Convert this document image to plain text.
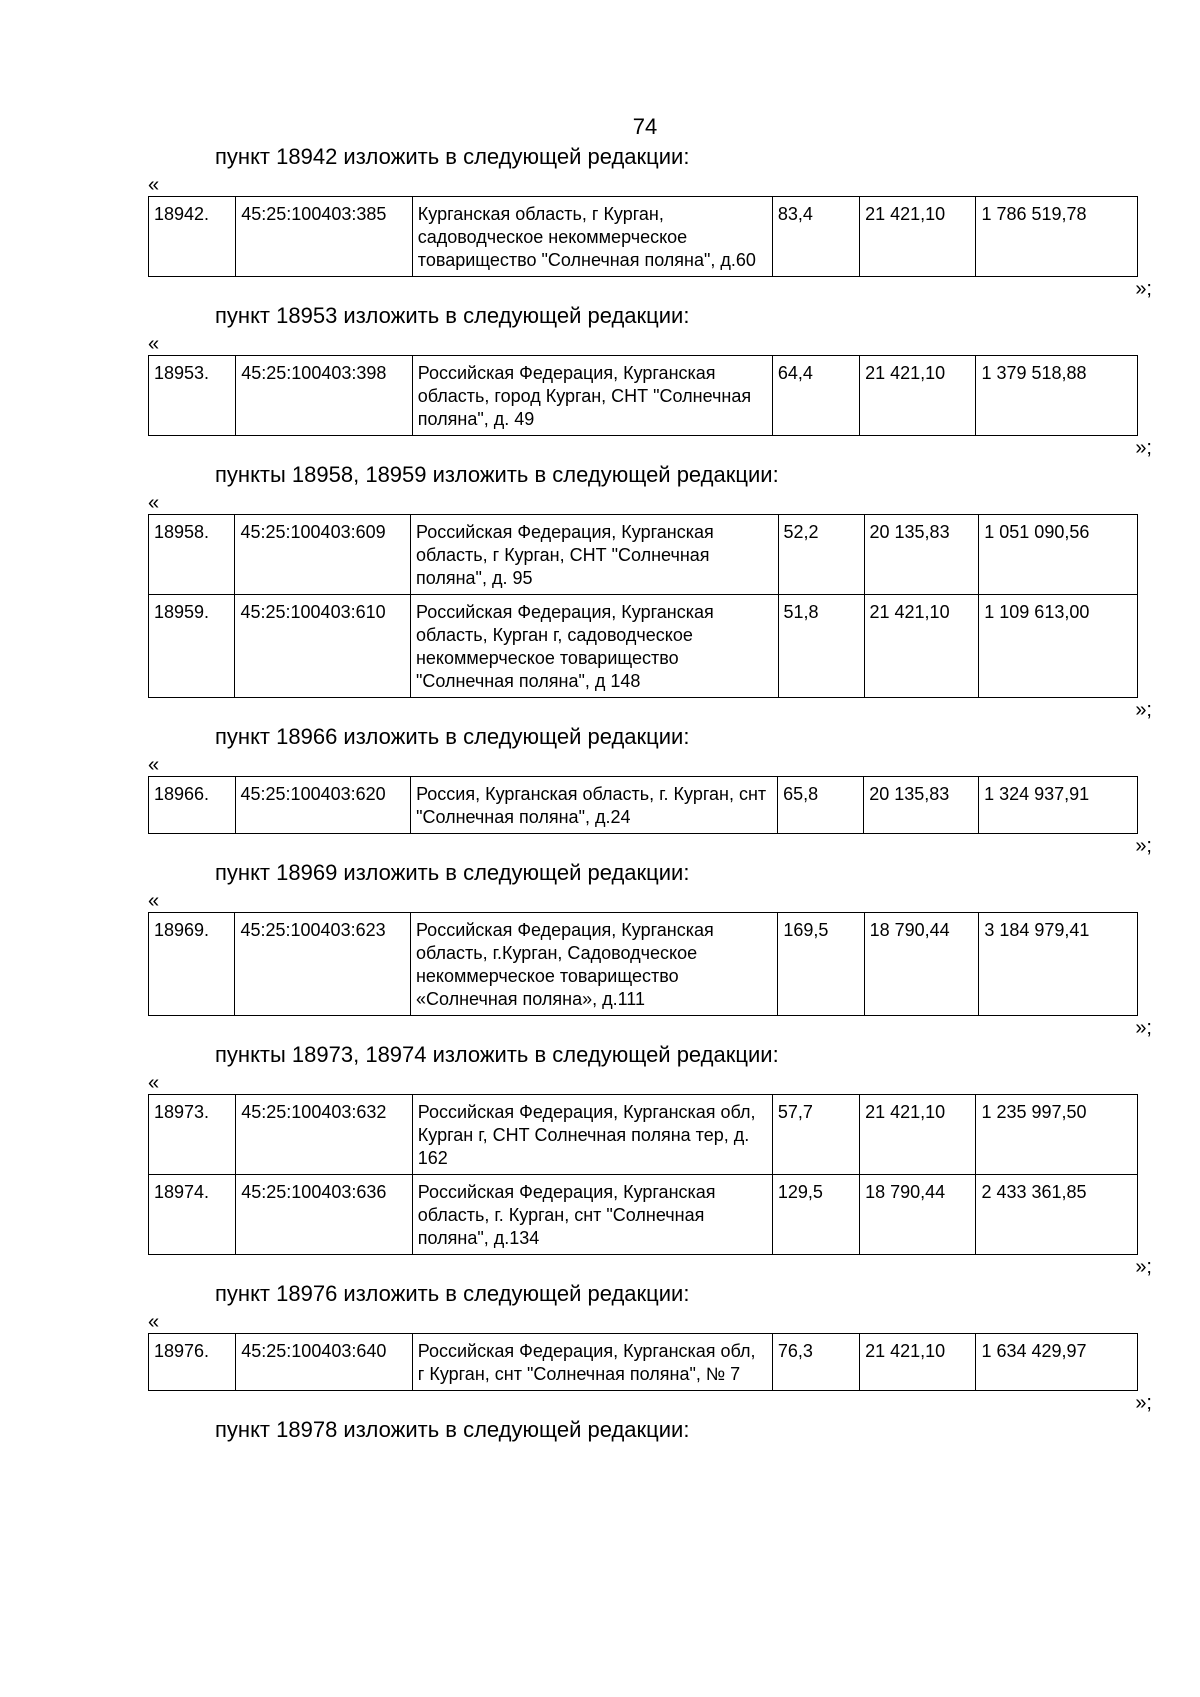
74
пункт 18942 изложить в следующей редакции:
«
18942.	45:25:100403:385	Курганская область, г Курган, садоводческое некоммерческое товарищество "Солнечная поляна", д.60	83,4	21 421,10	1 786 519,78
»;
пункт 18953 изложить в следующей редакции:
«
18953.	45:25:100403:398	Российская Федерация, Курганская область, город Курган, СНТ "Солнечная поляна", д. 49	64,4	21 421,10	1 379 518,88
»;
пункты 18958, 18959 изложить в следующей редакции:
«
18958.	45:25:100403:609	Российская Федерация, Курганская область, г Курган, СНТ "Солнечная поляна", д. 95	52,2	20 135,83	1 051 090,56
18959.	45:25:100403:610	Российская Федерация, Курганская область, Курган г, садоводческое некоммерческое товарищество "Солнечная поляна", д 148	51,8	21 421,10	1 109 613,00
»;
пункт 18966 изложить в следующей редакции:
«
18966.	45:25:100403:620	Россия, Курганская область, г. Курган, снт "Солнечная поляна", д.24	65,8	20 135,83	1 324 937,91
»;
пункт 18969 изложить в следующей редакции:
«
18969.	45:25:100403:623	Российская Федерация, Курганская область, г.Курган, Садоводческое некоммерческое товарищество «Солнечная поляна», д.111	169,5	18 790,44	3 184 979,41
»;
пункты 18973, 18974 изложить в следующей редакции:
«
18973.	45:25:100403:632	Российская Федерация, Курганская обл, Курган г, СНТ Солнечная поляна тер, д. 162	57,7	21 421,10	1 235 997,50
18974.	45:25:100403:636	Российская Федерация, Курганская область, г. Курган, снт "Солнечная поляна", д.134	129,5	18 790,44	2 433 361,85
»;
пункт 18976 изложить в следующей редакции:
«
18976.	45:25:100403:640	Российская Федерация, Курганская обл, г Курган, снт "Солнечная поляна", № 7	76,3	21 421,10	1 634 429,97
»;
пункт 18978 изложить в следующей редакции:
